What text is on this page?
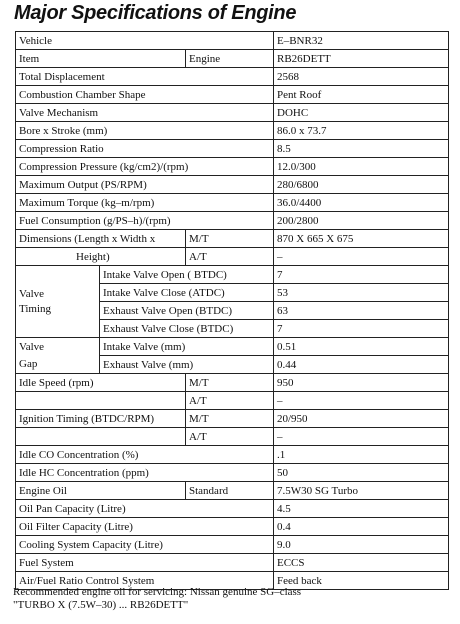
Major Specifications of Engine
Vehicle			E–BNR32
Item		Engine	RB26DETT
Total Displacement			2568
Combustion Chamber Shape			Pent Roof
Valve Mechanism			DOHC
Bore x Stroke (mm)			86.0 x 73.7
Compression Ratio			8.5
Compression Pressure (kg/cm2)/(rpm)			12.0/300
Maximum Output (PS/RPM)			280/6800
Maximum Torque (kg–m/rpm)			36.0/4400
Fuel Consumption (g/PS–h)/(rpm)			200/2800
Dimensions (Length x Width x		M/T	870 X 665 X 675
Height)		A/T	–

Valve
Timing	Intake Valve Open ( BTDC)		7
	Intake Valve Close (ATDC)		53
	Exhaust Valve Open (BTDC)		63
	Exhaust Valve Close (BTDC)		7

Valve
Gap	Intake Valve (mm)		0.51
	Exhaust Valve (mm)		0.44
Idle Speed (rpm)		M/T	950
		A/T	–
Ignition Timing (BTDC/RPM)		M/T	20/950
		A/T	–
Idle CO Concentration (%)			.1
Idle HC Concentration (ppm)			50
Engine Oil		Standard	7.5W30 SG Turbo
Oil Pan Capacity (Litre)			4.5
Oil Filter Capacity (Litre)			0.4
Cooling System Capacity (Litre)			9.0
Fuel System			ECCS
Air/Fuel Ratio Control System			Feed back
Recommended engine oil for servicing: Nissan genuine SG–class
"TURBO X (7.5W–30) ... RB26DETT"
